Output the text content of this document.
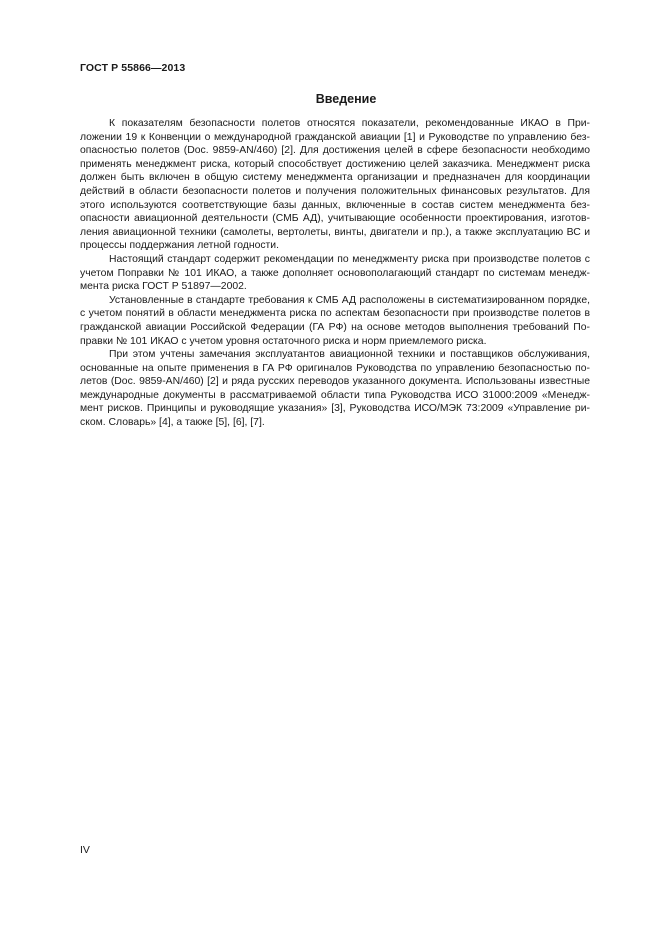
ГОСТ Р 55866—2013
Введение

К показателям безопасности полетов относятся показатели, рекомендованные ИКАО в Приложении 19 к Конвенции о международной гражданской авиации [1] и Руководстве по управлению безопасностью полетов (Doc. 9859-AN/460) [2]. Для достижения целей в сфере безопасности необходимо применять менеджмент риска, который способствует достижению целей заказчика. Менеджмент риска должен быть включен в общую систему менеджмента организации и предназначен для координации действий в области безопасности полетов и получения положительных финансовых результатов. Для этого используются соответствующие базы данных, включенные в состав систем менеджмента безопасности авиационной деятельности (СМБ АД), учитывающие особенности проектирования, изготовления авиационной техники (самолеты, вертолеты, винты, двигатели и пр.), а также эксплуатацию ВС и процессы поддержания летной годности.

Настоящий стандарт содержит рекомендации по менеджменту риска при производстве полетов с учетом Поправки № 101 ИКАО, а также дополняет основополагающий стандарт по системам менеджмента риска ГОСТ Р 51897—2002.

Установленные в стандарте требования к СМБ АД расположены в систематизированном порядке, с учетом понятий в области менеджмента риска по аспектам безопасности при производстве полетов в гражданской авиации Российской Федерации (ГА РФ) на основе методов выполнения требований Поправки № 101 ИКАО с учетом уровня остаточного риска и норм приемлемого риска.

При этом учтены замечания эксплуатантов авиационной техники и поставщиков обслуживания, основанные на опыте применения в ГА РФ оригиналов Руководства по управлению безопасностью полетов (Doc. 9859-AN/460) [2] и ряда русских переводов указанного документа. Использованы известные международные документы в рассматриваемой области типа Руководства ИСО 31000:2009 «Менеджмент рисков. Принципы и руководящие указания» [3], Руководства ИСО/МЭК 73:2009 «Управление риском. Словарь» [4], а также [5], [6], [7].

IV
